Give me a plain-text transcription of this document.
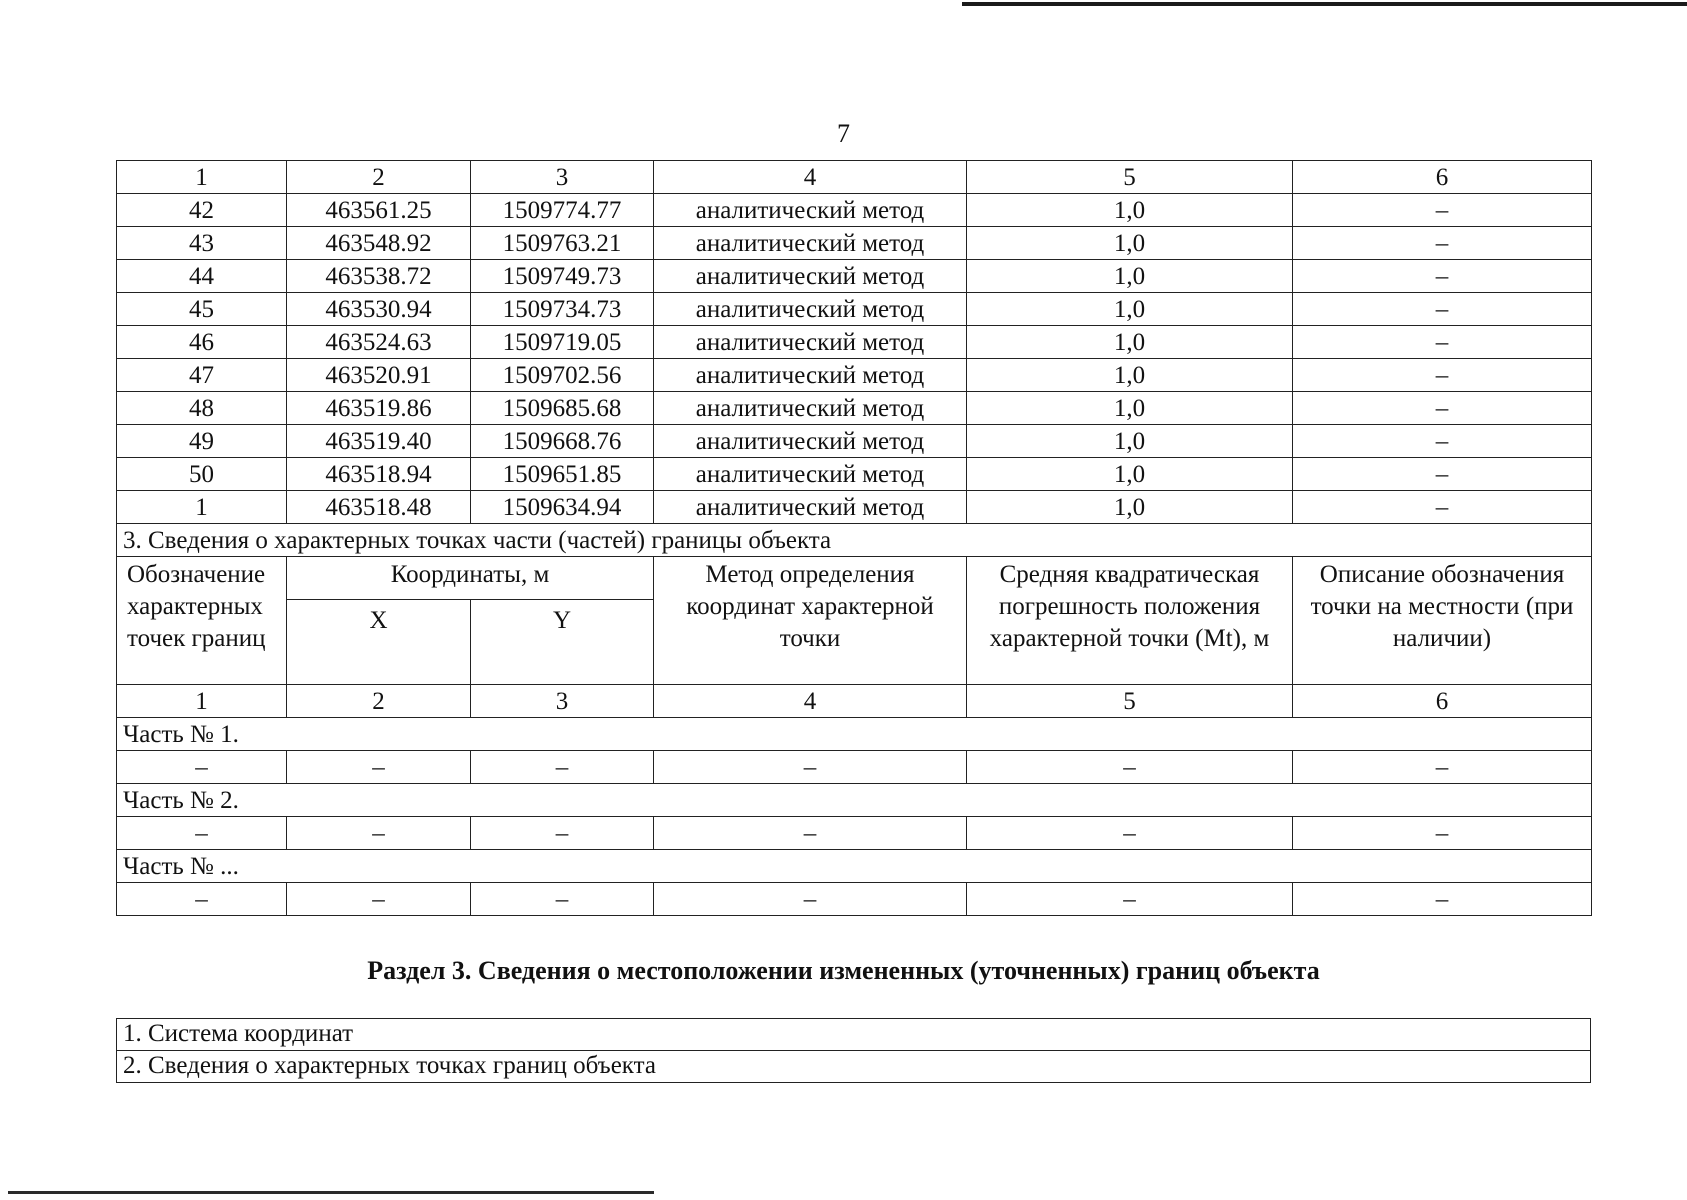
7
1	2	3	4	5	6
42	463561.25	1509774.77	аналитический метод	1,0	–
43	463548.92	1509763.21	аналитический метод	1,0	–
44	463538.72	1509749.73	аналитический метод	1,0	–
45	463530.94	1509734.73	аналитический метод	1,0	–
46	463524.63	1509719.05	аналитический метод	1,0	–
47	463520.91	1509702.56	аналитический метод	1,0	–
48	463519.86	1509685.68	аналитический метод	1,0	–
49	463519.40	1509668.76	аналитический метод	1,0	–
50	463518.94	1509651.85	аналитический метод	1,0	–
1	463518.48	1509634.94	аналитический метод	1,0	–
3. Сведения о характерных точках части (частей) границы объекта					
Обозначение характерных точек границ	Координаты, м		Метод определения координат характерной точки	Средняя квадратическая погрешность положения характерной точки (Mt), м	Описание обозначения точки на местности (при наличии)
	X	Y			
1	2	3	4	5	6
Часть № 1.					
–	–	–	–	–	–
Часть № 2.					
–	–	–	–	–	–
Часть № ...					
–	–	–	–	–	–
Раздел 3. Сведения о местоположении измененных (уточненных) границ объекта
1. Система координат
2. Сведения о характерных точках границ объекта
